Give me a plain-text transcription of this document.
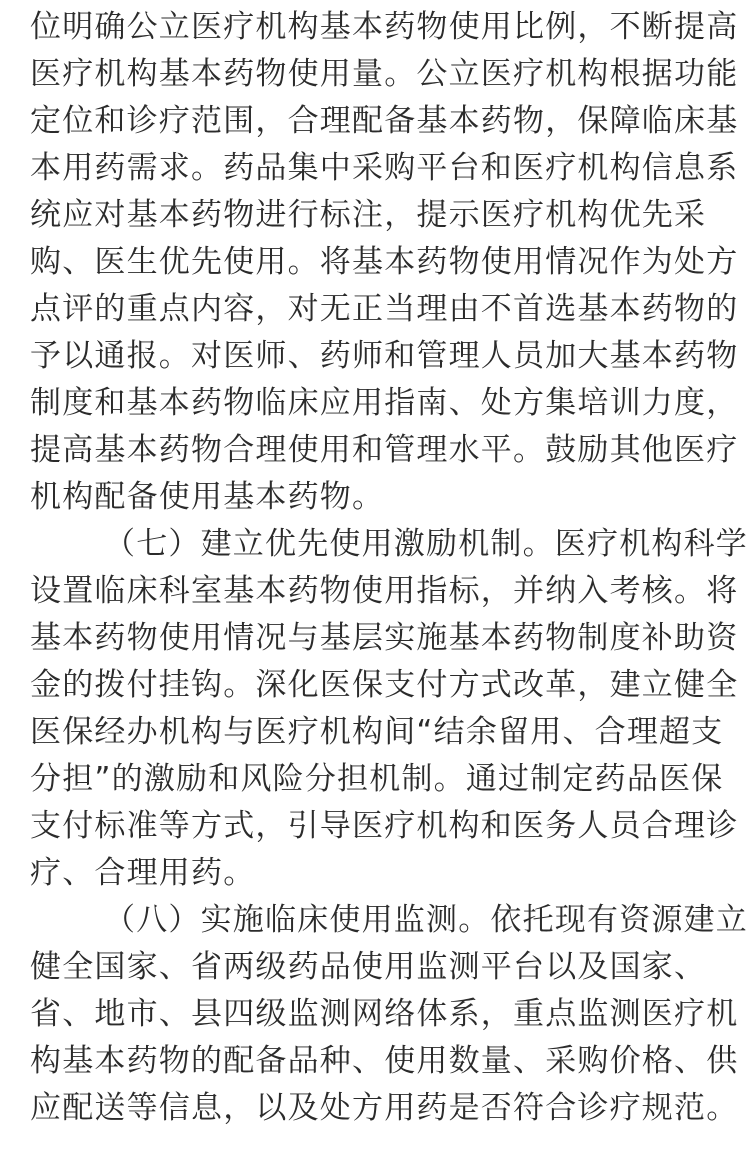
位明确公立医疗机构基本药物使用比例，不断提高
医疗机构基本药物使用量。公立医疗机构根据功能
定位和诊疗范围，合理配备基本药物，保障临床基
本用药需求。药品集中采购平台和医疗机构信息系
统应对基本药物进行标注，提示医疗机构优先采
购、医生优先使用。将基本药物使用情况作为处方
点评的重点内容，对无正当理由不首选基本药物的
予以通报。对医师、药师和管理人员加大基本药物
制度和基本药物临床应用指南、处方集培训力度，
提高基本药物合理使用和管理水平。鼓励其他医疗
机构配备使用基本药物。
（七）建立优先使用激励机制。医疗机构科学
设置临床科室基本药物使用指标，并纳入考核。将
基本药物使用情况与基层实施基本药物制度补助资
金的拨付挂钩。深化医保支付方式改革，建立健全
医保经办机构与医疗机构间“结余留用、合理超支
分担”的激励和风险分担机制。通过制定药品医保
支付标准等方式，引导医疗机构和医务人员合理诊
疗、合理用药。
（八）实施临床使用监测。依托现有资源建立
健全国家、省两级药品使用监测平台以及国家、
省、地市、县四级监测网络体系，重点监测医疗机
构基本药物的配备品种、使用数量、采购价格、供
应配送等信息，以及处方用药是否符合诊疗规范。
